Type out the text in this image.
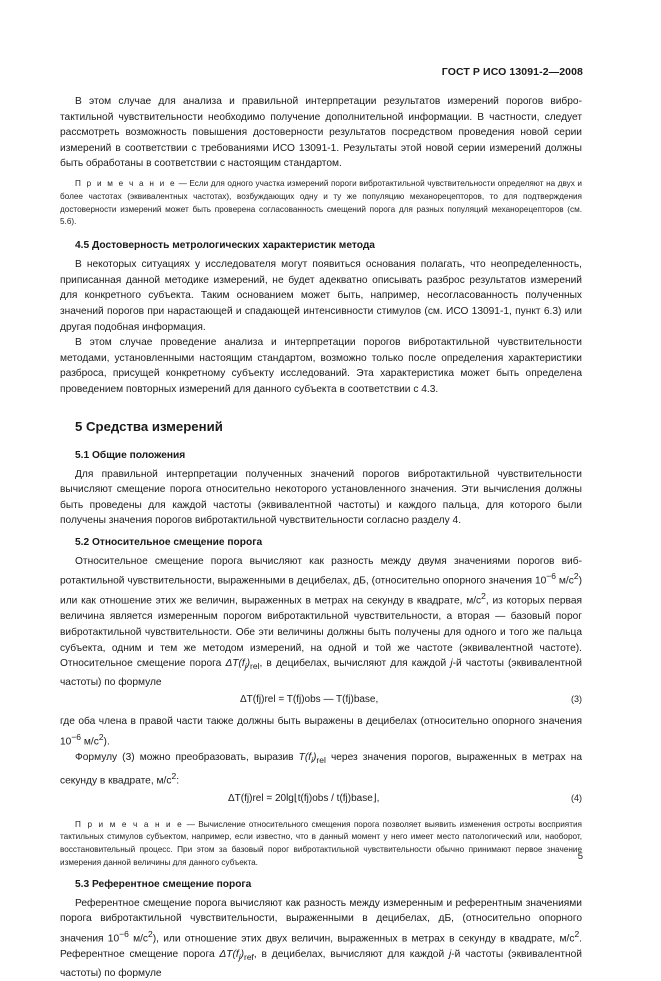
ГОСТ Р ИСО 13091-2—2008

В этом случае для анализа и правильной интерпретации результатов измерений порогов вибротактильной чувствительности необходимо получение дополнительной информации. В частности, следует рассмотреть возможность повышения достоверности результатов посредством проведения новой серии измерений в соответствии с требованиями ИСО 13091-1. Результаты этой новой серии измерений должны быть обработаны в соответствии с настоящим стандартом.

П р и м е ч а н и е — Если для одного участка измерений пороги вибротактильной чувствительности определяют на двух и более частотах (эквивалентных частотах), возбуждающих одну и ту же популяцию механорецепторов, то для подтверждения достоверности измерений может быть проверена согласованность смещений порога для разных популяций механорецепторов (см. 5.6).

4.5 Достоверность метрологических характеристик метода

В некоторых ситуациях у исследователя могут появиться основания полагать, что неопределенность, приписанная данной методике измерений, не будет адекватно описывать разброс результатов измерений для конкретного субъекта. Таким основанием может быть, например, несогласованность полученных значений порогов при нарастающей и спадающей интенсивности стимулов (см. ИСО 13091-1, пункт 6.3) или другая подобная информация.

В этом случае проведение анализа и интерпретации порогов вибротактильной чувствительности методами, установленными настоящим стандартом, возможно только после определения характеристики разброса, присущей конкретному субъекту исследований. Эта характеристика может быть определена проведением повторных измерений для данного субъекта в соответствии с 4.3.

5 Средства измерений

5.1 Общие положения

Для правильной интерпретации полученных значений порогов вибротактильной чувствительности вычисляют смещение порога относительно некоторого установленного значения. Эти вычисления должны быть проведены для каждой частоты (эквивалентной частоты) и каждого пальца, для которого были получены значения порогов вибротактильной чувствительности согласно разделу 4.

5.2 Относительное смещение порога

Относительное смещение порога вычисляют как разность между двумя значениями порогов вибротактильной чувствительности, выраженными в децибелах, дБ, (относительно опорного значения $10^{-6}$ $м/с^2$) или как отношение этих же величин, выраженных в метрах на секунду в квадрате, $м/с^2$, из которых первая величина является измеренным порогом вибротактильной чувствительности, а вторая — базовый порог вибротактильной чувствительности. Обе эти величины должны быть получены для одного и того же пальца субъекта, одним и тем же методом измерений, на одной и той же частоте (эквивалентной частоте). Относительное смещение порога $\Delta T(f_j)_{rel}$, в децибелах, вычисляют для каждой j-й частоты (эквивалентной частоты) по формуле

ΔT(fj)rel = T(fj)obs — T(fj)base,	(3)

где оба члена в правой части также должны быть выражены в децибелах (относительно опорного значения $10^{-6}$ $м/с^2$).

Формулу (3) можно преобразовать, выразив $T(f_i)_{rel}$ через значения порогов, выраженных в метрах на секунду в квадрате, $м/с^2$:

ΔT(fj)rel = 20lg⌊t(fj)obs / t(fj)base⌋,	(4)

П р и м е ч а н и е — Вычисление относительного смещения порога позволяет выявить изменения остроты восприятия тактильных стимулов субъектом, например, если известно, что в данный момент у него имеет место патологический или, наоборот, восстановительный процесс. При этом за базовый порог вибротактильной чувствительности обычно принимают первое значение измерения данной величины для данного субъекта.

5.3 Референтное смещение порога

Референтное смещение порога вычисляют как разность между измеренным и референтным значениями порога вибротактильной чувствительности, выраженными в децибелах, дБ, (относительно опорного значения $10^{-6}$ $м/с^2$), или отношение этих двух величин, выраженных в метрах в секунду в квадрате, $м/с^2$. Референтное смещение порога $\Delta T(f_j)_{ref}$, в децибелах, вычисляют для каждой j-й частоты (эквивалентной частоты) по формуле

5
